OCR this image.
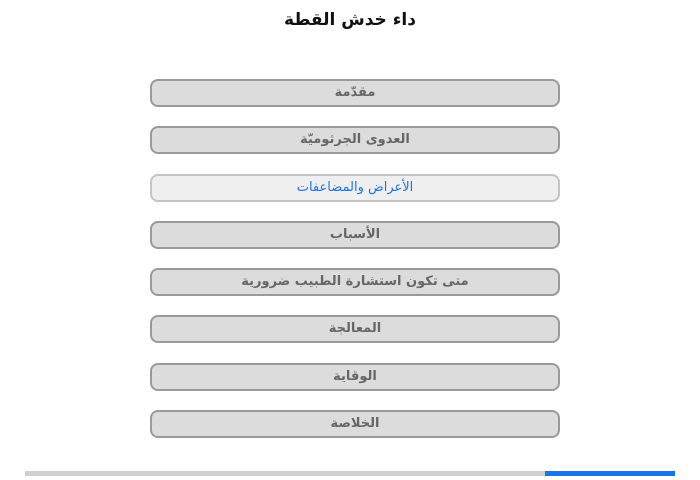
داء خدش القطة
مقدّمة
العدوى الجرثوميّة
الأعراض والمضاعفات
الأسباب
متى تكون استشارة الطبيب ضرورية
المعالجة
الوقاية
الخلاصة
